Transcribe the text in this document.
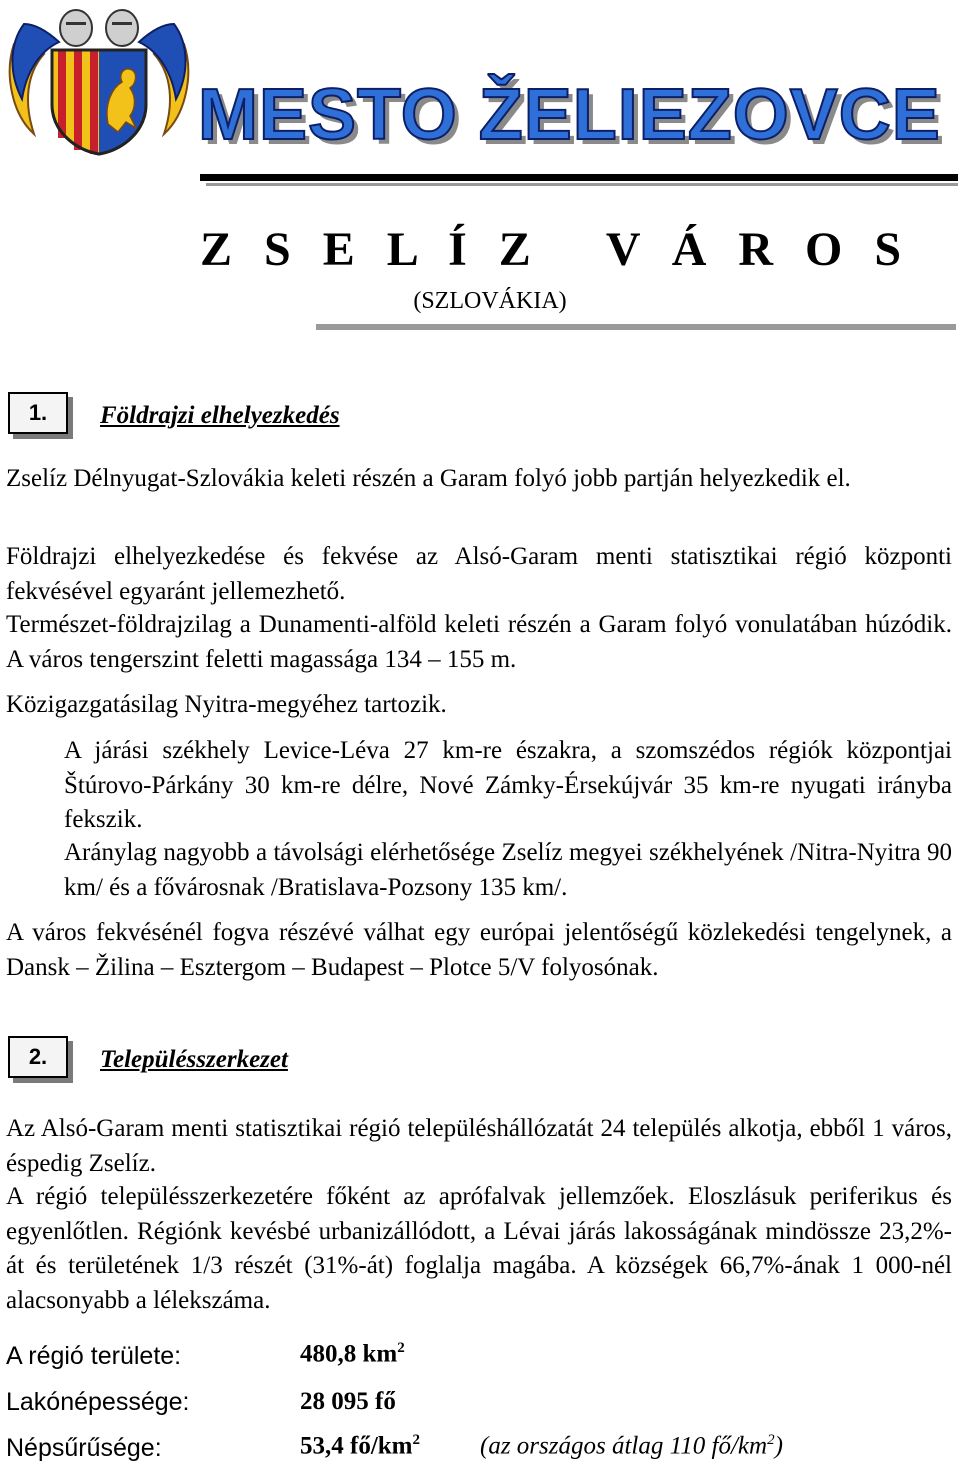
MESTO ŽELIEZOVCE
Z S E L Í Z   V Á R O S
(SZLOVÁKIA)
1.	Földrajzi elhelyezkedés

Zselíz Délnyugat-Szlovákia keleti részén a Garam folyó jobb partján helyezkedik el.

Földrajzi elhelyezkedése és fekvése az Alsó-Garam menti statisztikai régió központi fekvésével egyaránt jellemezhető.

Természet-földrajzilag a Dunamenti-alföld keleti részén a Garam folyó vonulatában húzódik. A város tengerszint feletti magassága 134 – 155 m.

Közigazgatásilag Nyitra-megyéhez tartozik.

A járási székhely Levice-Léva 27 km-re északra, a szomszédos régiók központjai Štúrovo-Párkány 30 km-re délre, Nové Zámky-Érsekújvár 35 km-re nyugati irányba fekszik.

Aránylag nagyobb a távolsági elérhetősége Zselíz megyei székhelyének /Nitra-Nyitra 90 km/ és a fővárosnak /Bratislava-Pozsony 135 km/.

A város fekvésénél fogva részévé válhat egy európai jelentőségű közlekedési tengelynek, a Dansk – Žilina – Esztergom – Budapest – Plotce 5/V folyosónak.

2.	Településszerkezet

Az Alsó-Garam menti statisztikai régió településhállózatát 24 település alkotja, ebből 1 város, éspedig Zselíz.

A régió településszerkezetére főként az aprófalvak jellemzőek. Eloszlásuk periferikus és egyenlőtlen. Régiónk kevésbé urbanizállódott, a Lévai járás lakosságának mindössze 23,2%-át és területének 1/3 részét (31%-át) foglalja magába. A községek 66,7%-ának 1 000-nél alacsonyabb a lélekszáma.

A régió területe:	480,8 $km^2$
Lakónépessége:	28 095 fő
Népsűrűsége:	53,4 $fő/km^2$ (az országos átlag 110 $fő/km^2$)
